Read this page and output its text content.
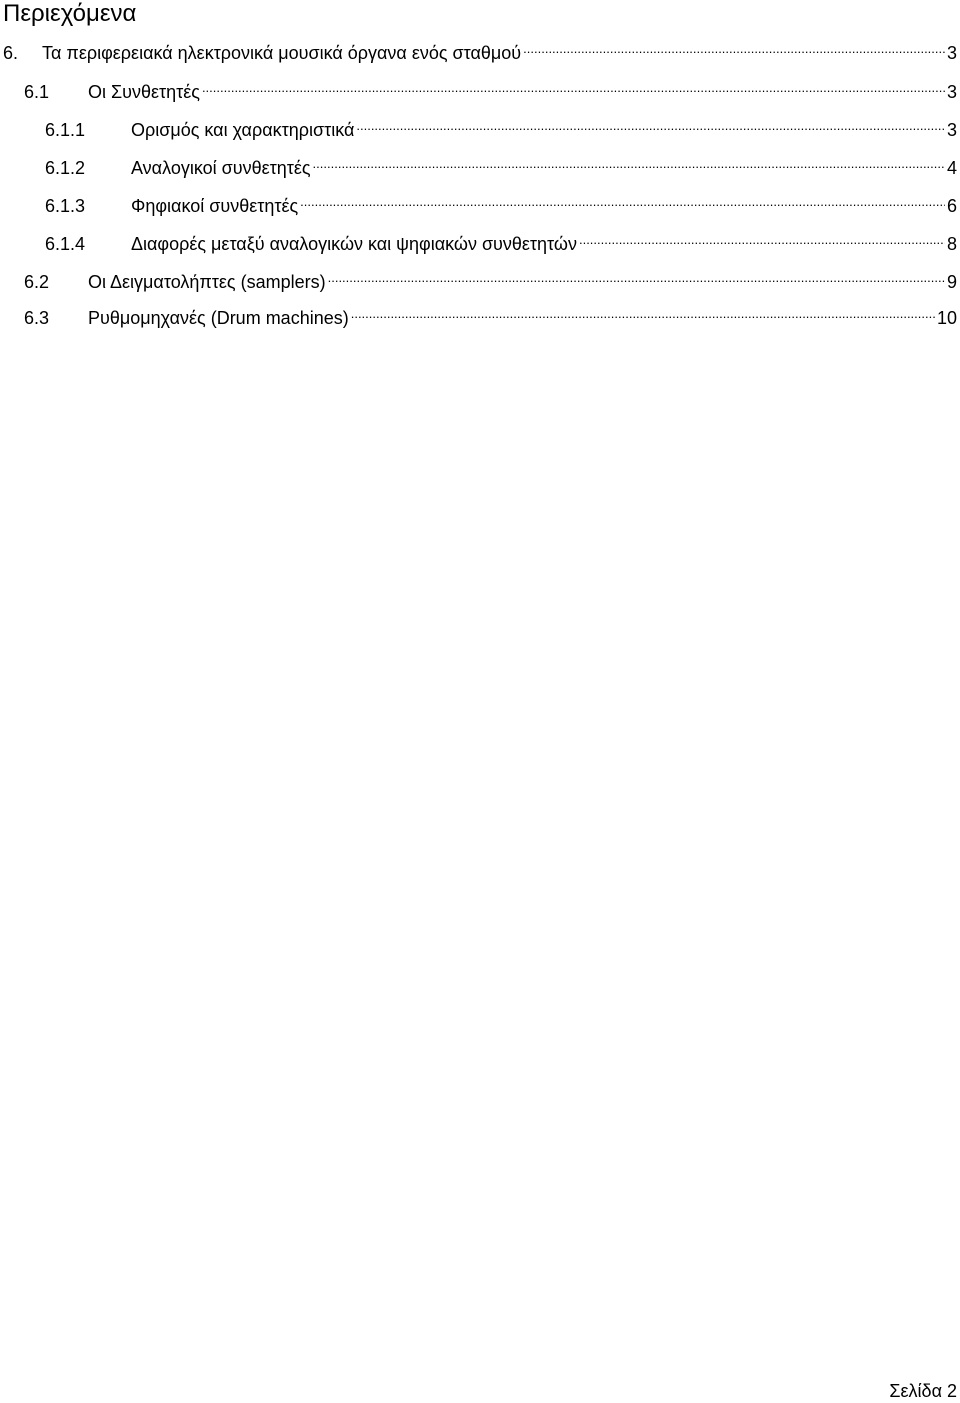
Περιεχόμενα
6.	Τα περιφερειακά ηλεκτρονικά μουσικά όργανα ενός σταθμού .....	3
6.1	Οι Συνθετητές .....	3
6.1.1	Ορισμός και χαρακτηριστικά .....	3
6.1.2	Αναλογικοί συνθετητές .....	4
6.1.3	Φηφιακοί συνθετητές .....	6
6.1.4	Διαφορές μεταξύ αναλογικών και ψηφιακών συνθετητών .....	8
6.2	Οι Δειγματολήπτες (samplers) .....	9
6.3	Ρυθμομηχανές (Drum machines) .....	10
Σελίδα 2
